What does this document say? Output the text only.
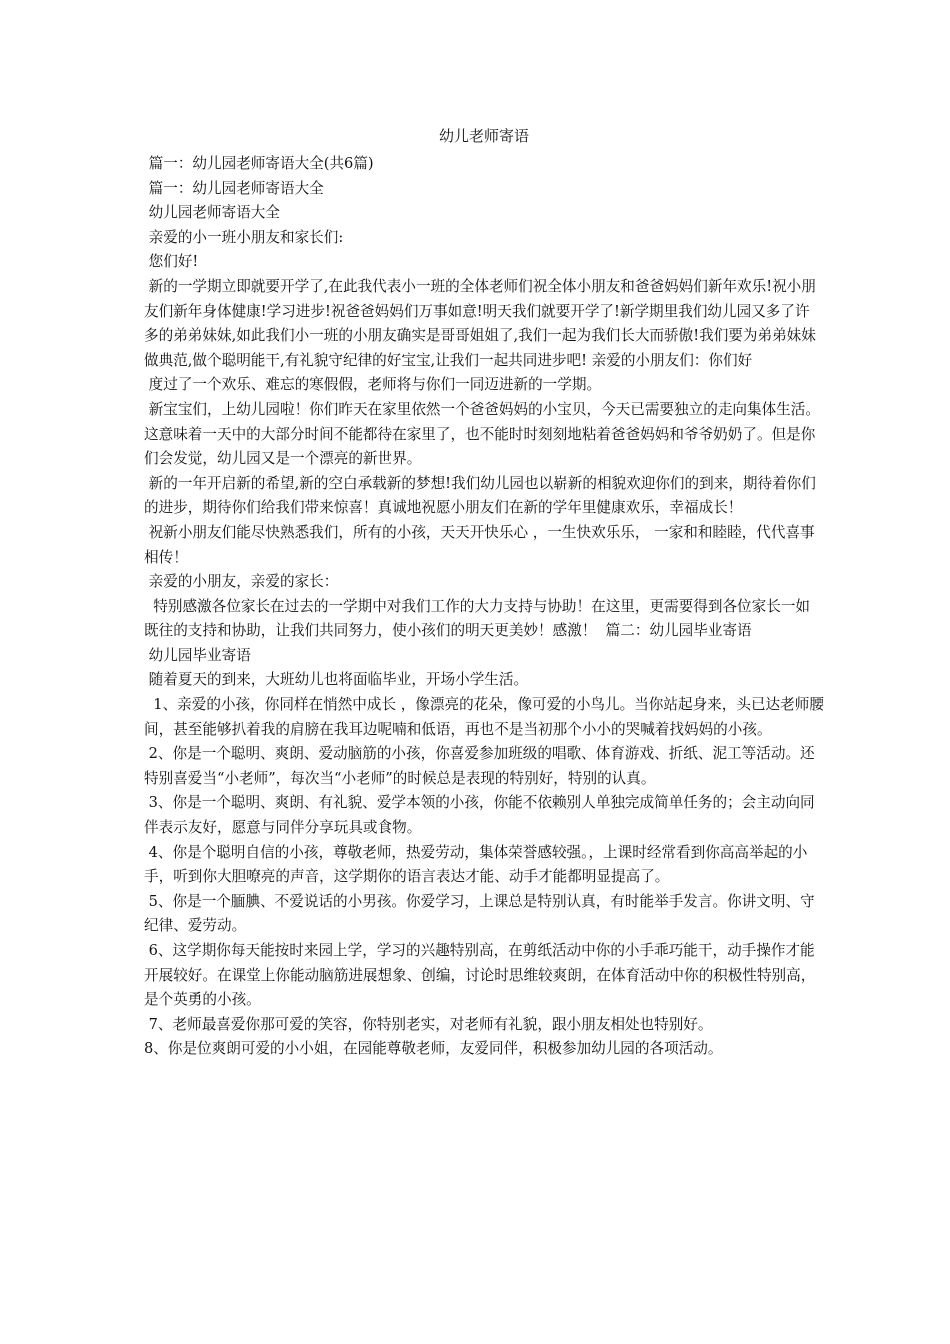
幼儿老师寄语

篇一：幼儿园老师寄语大全(共6篇)

篇一：幼儿园老师寄语大全

幼儿园老师寄语大全

亲爱的小一班小朋友和家长们:

您们好!

新的一学期立即就要开学了,在此我代表小一班的全体老师们祝全体小朋友和爸爸妈妈们新年欢乐!祝小朋友们新年身体健康!学习进步!祝爸爸妈妈们万事如意!明天我们就要开学了!新学期里我们幼儿园又多了许多的弟弟妹妹,如此我们小一班的小朋友确实是哥哥姐姐了,我们一起为我们长大而骄傲!我们要为弟弟妹妹做典范,做个聪明能干,有礼貌守纪律的好宝宝,让我们一起共同进步吧! 亲爱的小朋友们：你们好

度过了一个欢乐、难忘的寒假假，老师将与你们一同迈进新的一学期。

新宝宝们，上幼儿园啦！你们昨天在家里依然一个爸爸妈妈的小宝贝，今天已需要独立的走向集体生活。这意味着一天中的大部分时间不能都待在家里了，也不能时时刻刻地粘着爸爸妈妈和爷爷奶奶了。但是你们会发觉，幼儿园又是一个漂亮的新世界。

新的一年开启新的希望,新的空白承载新的梦想!我们幼儿园也以崭新的相貌欢迎你们的到来，期待着你们的进步，期待你们给我们带来惊喜！真诚地祝愿小朋友们在新的学年里健康欢乐，幸福成长！

祝新小朋友们能尽快熟悉我们，所有的小孩，天天开快乐心 ，一生快欢乐乐， 一家和和睦睦，代代喜事相传！

亲爱的小朋友，亲爱的家长：

特别感激各位家长在过去的一学期中对我们工作的大力支持与协助！在这里，更需要得到各位家长一如既往的支持和协助，让我们共同努力，使小孩们的明天更美妙！感激！  篇二：幼儿园毕业寄语

幼儿园毕业寄语

随着夏天的到来，大班幼儿也将面临毕业，开场小学生活。

1、亲爱的小孩，你同样在悄然中成长 ，像漂亮的花朵，像可爱的小鸟儿。当你站起身来，头已达老师腰间，甚至能够扒着我的肩膀在我耳边呢喃和低语，再也不是当初那个小小的哭喊着找妈妈的小孩。

2、你是一个聪明、爽朗、爱动脑筋的小孩，你喜爱参加班级的唱歌、体育游戏、折纸、泥工等活动。还特别喜爱当“小老师”，每次当“小老师”的时候总是表现的特别好，特别的认真。

3、你是一个聪明、爽朗、有礼貌、爱学本领的小孩，你能不依赖别人单独完成简单任务的；会主动向同伴表示友好，愿意与同伴分享玩具或食物。

4、你是个聪明自信的小孩，尊敬老师，热爱劳动，集体荣誉感较强。，上课时经常看到你高高举起的小手，听到你大胆嘹亮的声音，这学期你的语言表达才能、动手才能都明显提高了。

5、你是一个腼腆、不爱说话的小男孩。你爱学习，上课总是特别认真，有时能举手发言。你讲文明、守纪律、爱劳动。

6、这学期你每天能按时来园上学，学习的兴趣特别高，在剪纸活动中你的小手乖巧能干，动手操作才能开展较好。在课堂上你能动脑筋进展想象、创编，讨论时思维较爽朗，在体育活动中你的积极性特别高，是个英勇的小孩。

7、老师最喜爱你那可爱的笑容，你特别老实，对老师有礼貌，跟小朋友相处也特别好。

8、你是位爽朗可爱的小小姐，在园能尊敬老师，友爱同伴，积极参加幼儿园的各项活动。
